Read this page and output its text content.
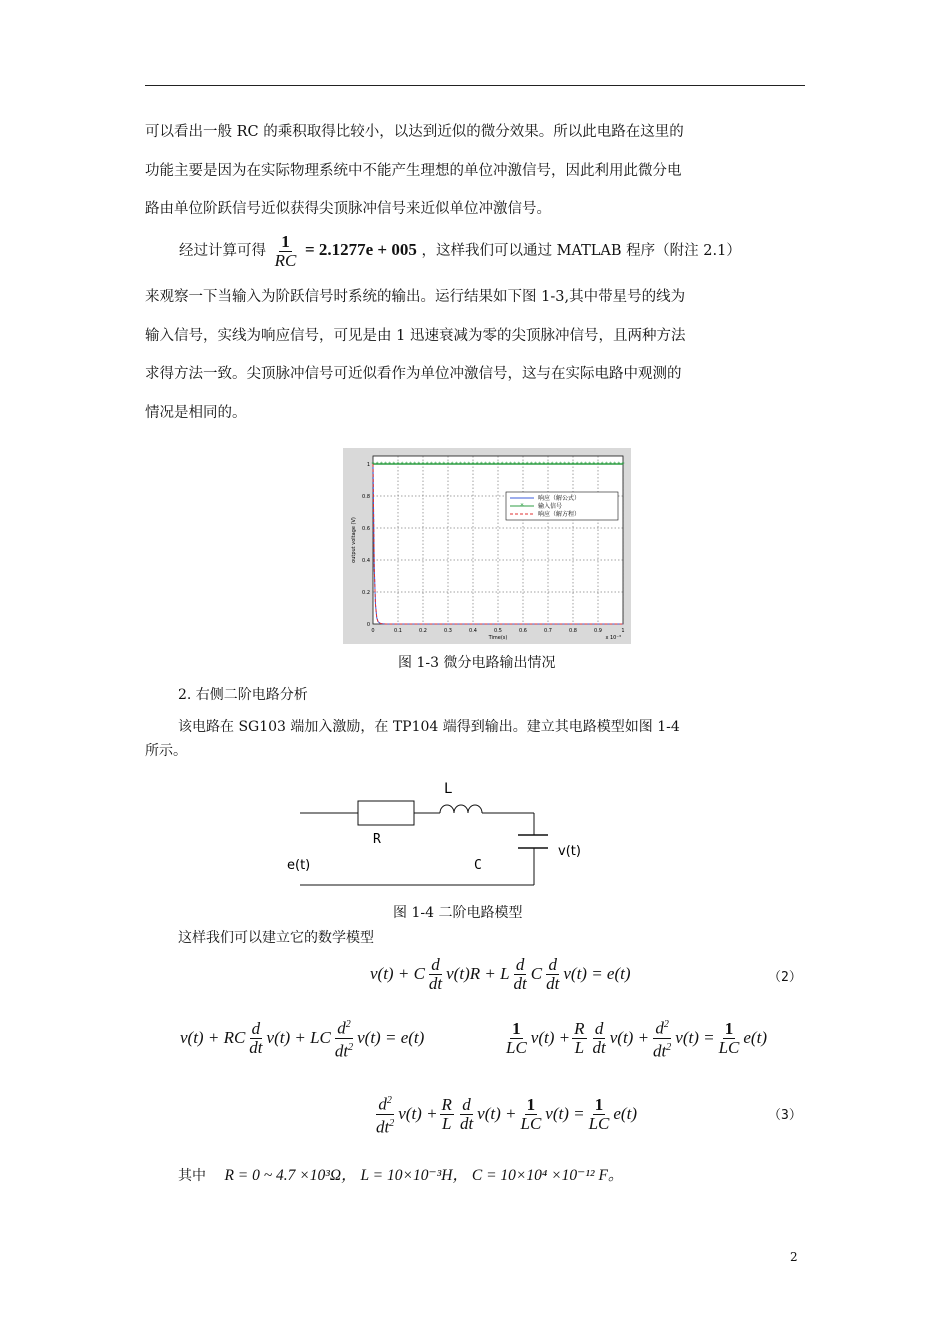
可以看出一般 RC 的乘积取得比较小，以达到近似的微分效果。所以此电路在这里的
功能主要是因为在实际物理系统中不能产生理想的单位冲激信号，因此利用此微分电
路由单位阶跃信号近似获得尖顶脉冲信号来近似单位冲激信号。
经过计算可得 $\frac{1}{RC} = 2.1277e + 005$ ，这样我们可以通过 MATLAB 程序（附注 2.1）
来观察一下当输入为阶跃信号时系统的输出。运行结果如下图 1-3,其中带星号的线为
输入信号，实线为响应信号，可见是由 1 迅速衰减为零的尖顶脉冲信号，且两种方法
求得方法一致。尖顶脉冲信号可近似看作为单位冲激信号，这与在实际电路中观测的
情况是相同的。
0	0.1	0.2	0.3	0.4	0.5	0.6	0.7	0.8	0.9	1
0
0.2
0.4
0.6
0.8
1
Time(s)	x 10⁻³
output voltage (V)
* * * * * * * * * * * * * * * * * * * * * * * * * * * * * * * * * * * * * * * * * * * * * * * * * * * * * * * * * * * * *
响应（解公式）
* 输入信号
响应（解方程）
图 1-3 微分电路输出情况
2. 右侧二阶电路分析
该电路在 SG103 端加入激励，在 TP104 端得到输出。建立其电路模型如图 1-4
所示。
L
R
C
e(t)
v(t)
图 1-4 二阶电路模型
这样我们可以建立它的数学模型
v(t) + C $\frac{d}{dt} v(t)R + L \frac{d}{dt}$ C $\frac{d}{dt} v(t) = e(t)$	（2）
v(t) + RC $\frac{d}{dt} v(t)$ + LC $\frac{d^2}{dt^2} v(t) = e(t)$	$\frac{1}{LC} v(t) + \frac{R}{L} \frac{d}{dt} v(t) + \frac{d^2}{dt^2} v(t) = \frac{1}{LC} e(t)$
$\frac{d^2}{dt^2} v(t) + \frac{R}{L} \frac{d}{dt} v(t) + \frac{1}{LC} v(t) = \frac{1}{LC} e(t)$	（3）
其中 R = 0 ~ 4.7 ×10³Ω， L = 10×10⁻³H， C = 10×10⁴ ×10⁻¹² F。
2
